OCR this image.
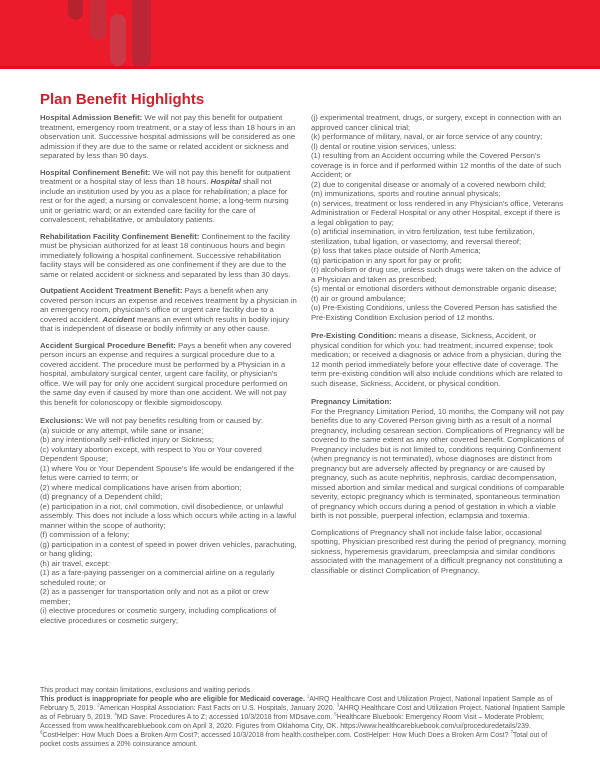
Plan Benefit Highlights
Hospital Admission Benefit: We will not pay this benefit for outpatient treatment, emergency room treatment, or a stay of less than 18 hours in an observation unit. Successive hospital admissions will be considered as one admission if they are due to the same or related accident or sickness and separated by less than 90 days.
Hospital Confinement Benefit: We will not pay this benefit for outpatient treatment or a hospital stay of less than 18 hours. Hospital shall not include an institution used by you as a place for rehabilitation; a place for rest or for the aged; a nursing or convalescent home; a long-term nursing unit or geriatric ward; or an extended care facility for the care of convalescent, rehabilitative, or ambulatory patients.
Rehabilitation Facility Confinement Benefit: Confinement to the facility must be physician authorized for at least 18 continuous hours and begin immediately following a hospital confinement. Successive rehabilitation facility stays will be considered as one confinement if they are due to the same or related accident or sickness and separated by less than 30 days.
Outpatient Accident Treatment Benefit: Pays a benefit when any covered person incurs an expense and receives treatment by a physician in an emergency room, physician's office or urgent care facility due to a covered accident. Accident means an event which results in bodily injury that is independent of disease or bodily infirmity or any other cause.
Accident Surgical Procedure Benefit: Pays a benefit when any covered person incurs an expense and requires a surgical procedure due to a covered accident. The procedure must be performed by a Physician in a hospital, ambulatory surgical center, urgent care facility, or physician's office. We will pay for only one accident surgical procedure performed on the same day even if caused by more than one accident. We will not pay this benefit for colonoscopy or flexible sigmoidoscopy.
Exclusions: We will not pay benefits resulting from or caused by:
(a) suicide or any attempt, while sane or insane;
(b) any intentionally self-inflicted injury or Sickness;
(c) voluntary abortion except, with respect to You or Your covered Dependent Spouse;
(1) where You or Your Dependent Spouse's life would be endangered if the fetus were carried to term; or
(2) where medical complications have arisen from abortion;
(d) pregnancy of a Dependent child;
(e) participation in a riot, civil commotion, civil disobedience, or unlawful assembly. This does not include a loss which occurs while acting in a lawful manner within the scope of authority;
(f) commission of a felony;
(g) participation in a contest of speed in power driven vehicles, parachuting, or hang gliding;
(h) air travel, except:
(1) as a fare-paying passenger on a commercial airline on a regularly scheduled route; or
(2) as a passenger for transportation only and not as a pilot or crew member;
(i) elective procedures or cosmetic surgery, including complications of elective procedures or cosmetic surgery;
(j) experimental treatment, drugs, or surgery, except in connection with an approved cancer clinical trial;
(k) performance of military, naval, or air force service of any country;
(l) dental or routine vision services, unless:
(1) resulting from an Accident occurring while the Covered Person's coverage is in force and if performed within 12 months of the date of such Accident; or
(2) due to congenital disease or anomaly of a covered newborn child;
(m) immunizations, sports and routine annual physicals;
(n) services, treatment or loss rendered in any Physician's office, Veterans Administration or Federal Hospital or any other Hospital, except if there is a legal obligation to pay;
(o) artificial insemination, in vitro fertilization, test tube fertilization, sterilization, tubal ligation, or vasectomy, and reversal thereof;
(p) loss that takes place outside of North America;
(q) participation in any sport for pay or profit;
(r) alcoholism or drug use, unless such drugs were taken on the advice of a Physician and taken as prescribed;
(s) mental or emotional disorders without demonstrable organic disease;
(t) air or ground ambulance;
(u) Pre-Existing Conditions, unless the Covered Person has satisfied the Pre-Existing Condition Exclusion period of 12 months.
Pre-Existing Condition: means a disease, Sickness, Accident, or physical condition for which you: had treatment; incurred expense; took medication; or received a diagnosis or advice from a physician, during the 12 month period immediately before your effective date of coverage. The term pre-existing condition will also include conditions which are related to such disease, Sickness, Accident, or physical condition.
Pregnancy Limitation:
For the Pregnancy Limitation Period, 10 months, the Company will not pay benefits due to any Covered Person giving birth as a result of a normal pregnancy, including cesarean section. Complications of Pregnancy will be covered to the same extent as any other covered benefit. Complications of Pregnancy includes but is not limited to, conditions requiring Confinement (when pregnancy is not terminated), whose diagnoses are distinct from pregnancy but are adversely affected by pregnancy or are caused by pregnancy, such as acute nephritis, nephrosis, cardiac decompensation, missed abortion and similar medical and surgical conditions of comparable severity, ectopic pregnancy which is terminated, spontaneous termination of pregnancy which occurs during a period of gestation in which a viable birth is not possible, puerperal infection, eclampsia and toxemia.
Complications of Pregnancy shall not include false labor, occasional spotting, Physician prescribed rest during the period of pregnancy, morning sickness, hyperemesis gravidarum, preeclampsia and similar conditions associated with the management of a difficult pregnancy not constituting a classifiable or distinct Complication of Pregnancy.
This product may contain limitations, exclusions and waiting periods.
This product is inappropriate for people who are eligible for Medicaid coverage. $^1$AHRQ Healthcare Cost and Utilization Project, National Inpatient Sample as of February 5, 2019. $^2$American Hospital Association: Fast Facts on U.S. Hospitals, January 2020. $^3$AHRQ Healthcare Cost and Utilization Project, National Inpatient Sample as of February 5, 2019. $^4$MD Save: Procedures A to Z; accessed 10/3/2018 from MDsave.com. $^5$Healthcare Bluebook: Emergency Room Visit – Moderate Problem; Accessed from www.healthcarebluebook.com on April 3, 2020. Figures from Oklahoma City, OK. https://www.healthcarebluebook.com/ui/proceduredetails/239. $^6$CostHelper: How Much Does a Broken Arm Cost?; accessed 10/3/2018 from health.costhelper.com. CostHelper: How Much Does a Broken Arm Cost? $^7$Total out of pocket costs assumes a 20% coinsurance amount.
